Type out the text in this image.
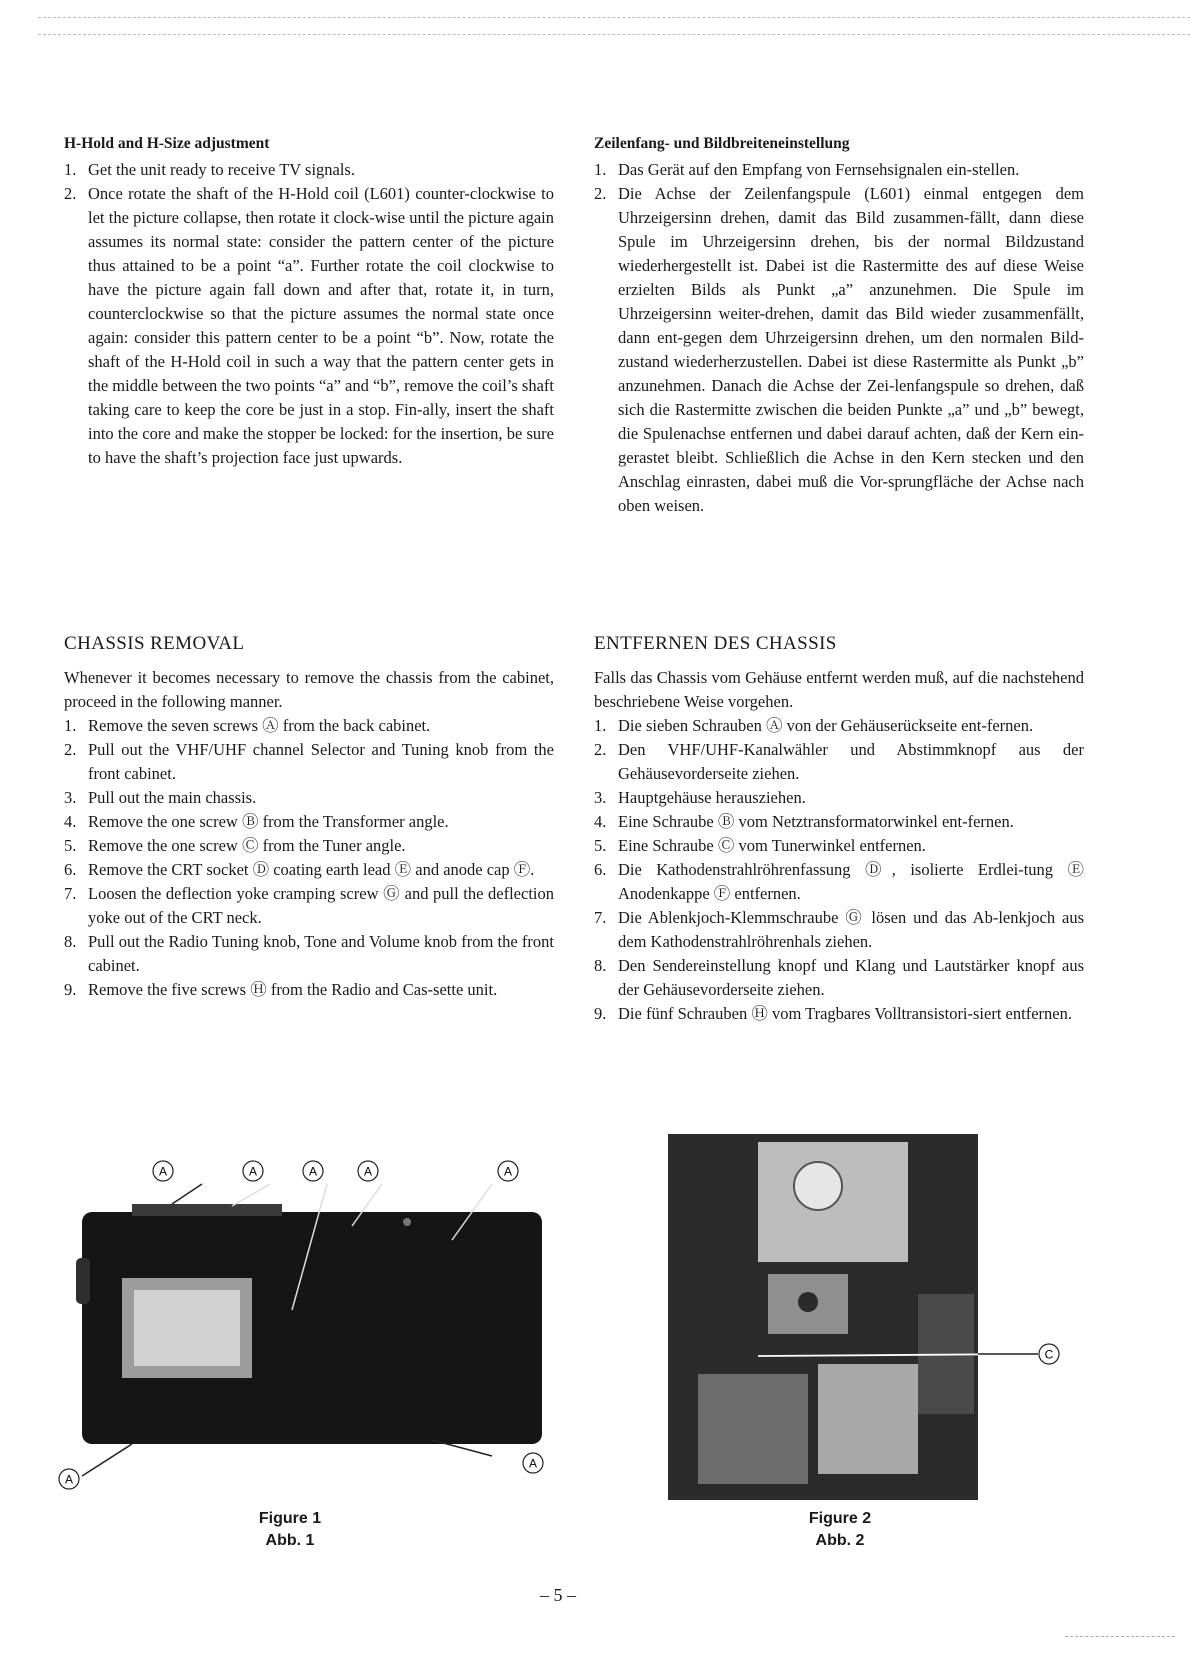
H-Hold and H-Size adjustment
1. Get the unit ready to receive TV signals.
2. Once rotate the shaft of the H-Hold coil (L601) counter-clockwise to let the picture collapse, then rotate it clock-wise until the picture again assumes its normal state: consider the pattern center of the picture thus attained to be a point “a”. Further rotate the coil clockwise to have the picture again fall down and after that, rotate it, in turn, counterclockwise so that the picture assumes the normal state once again: consider this pattern center to be a point “b”. Now, rotate the shaft of the H-Hold coil in such a way that the pattern center gets in the middle between the two points “a” and “b”, remove the coil’s shaft taking care to keep the core be just in a stop. Fin-ally, insert the shaft into the core and make the stopper be locked: for the insertion, be sure to have the shaft’s projection face just upwards.
Zeilenfang- und Bildbreiteneinstellung
1. Das Gerät auf den Empfang von Fernsehsignalen ein-stellen.
2. Die Achse der Zeilenfangspule (L601) einmal entgegen dem Uhrzeigersinn drehen, damit das Bild zusammen-fällt, dann diese Spule im Uhrzeigersinn drehen, bis der normal Bildzustand wiederhergestellt ist. Dabei ist die Rastermitte des auf diese Weise erzielten Bilds als Punkt „a” anzunehmen. Die Spule im Uhrzeigersinn weiter-drehen, damit das Bild wieder zusammenfällt, dann ent-gegen dem Uhrzeigersinn drehen, um den normalen Bild-zustand wiederherzustellen. Dabei ist diese Rastermitte als Punkt „b” anzunehmen. Danach die Achse der Zei-lenfangspule so drehen, daß sich die Rastermitte zwischen die beiden Punkte „a” und „b” bewegt, die Spulenachse entfernen und dabei darauf achten, daß der Kern ein-gerastet bleibt. Schließlich die Achse in den Kern stecken und den Anschlag einrasten, dabei muß die Vor-sprungfläche der Achse nach oben weisen.
CHASSIS REMOVAL

Whenever it becomes necessary to remove the chassis from the cabinet, proceed in the following manner.

1. Remove the seven screws Ⓐ from the back cabinet.
2. Pull out the VHF/UHF channel Selector and Tuning knob from the front cabinet.
3. Pull out the main chassis.
4. Remove the one screw Ⓑ from the Transformer angle.
5. Remove the one screw Ⓒ from the Tuner angle.
6. Remove the CRT socket Ⓓ coating earth lead Ⓔ and anode cap Ⓕ.
7. Loosen the deflection yoke cramping screw Ⓖ and pull the deflection yoke out of the CRT neck.
8. Pull out the Radio Tuning knob, Tone and Volume knob from the front cabinet.
9. Remove the five screws Ⓗ from the Radio and Cas-sette unit.
ENTFERNEN DES CHASSIS

Falls das Chassis vom Gehäuse entfernt werden muß, auf die nachstehend beschriebene Weise vorgehen.

1. Die sieben Schrauben Ⓐ von der Gehäuserückseite ent-fernen.
2. Den VHF/UHF-Kanalwähler und Abstimmknopf aus der Gehäusevorderseite ziehen.
3. Hauptgehäuse herausziehen.
4. Eine Schraube Ⓑ vom Netztransformatorwinkel ent-fernen.
5. Eine Schraube Ⓒ vom Tunerwinkel entfernen.
6. Die Kathodenstrahlröhrenfassung Ⓓ, isolierte Erdlei-tung Ⓔ Anodenkappe Ⓕ entfernen.
7. Die Ablenkjoch-Klemmschraube Ⓖ lösen und das Ab-lenkjoch aus dem Kathodenstrahlröhrenhals ziehen.
8. Den Sendereinstellung knopf und Klang und Lautstärker knopf aus der Gehäusevorderseite ziehen.
9. Die fünf Schrauben Ⓗ vom Tragbares Volltransistori-siert entfernen.
A	A	A	A	A
A
A
Figure 1
Abb. 1
C
Figure 2
Abb. 2
– 5 –
